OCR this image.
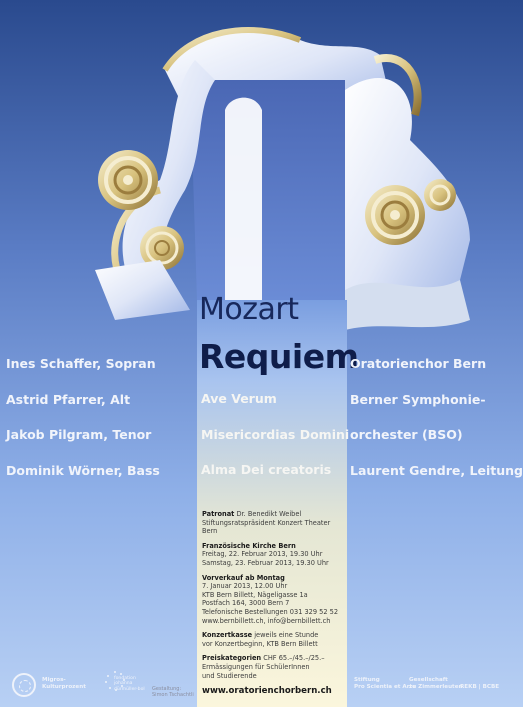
Mozart
Requiem
Ines Schaffer, Sopran
Astrid Pfarrer, Alt
Jakob Pilgram, Tenor
Dominik Wörner, Bass
Ave Verum
Misericordias Domini
Alma Dei creatoris
Oratorienchor Bern
Berner Symphonie-
orchester (BSO)
Laurent Gendre, Leitung
Patronat Dr. Benedikt Weibel
Stiftungsratspräsident Konzert Theater Bern
Französische Kirche Bern
Freitag, 22. Februar 2013, 19.30 Uhr
Samstag, 23. Februar 2013, 19.30 Uhr
Vorverkauf ab Montag
7. Januar 2013, 12.00 Uhr
KTB Bern Billett, Nägeligasse 1a
Postfach 164, 3000 Bern 7
Telefonische Bestellungen 031 329 52 52
www.bernbillett.ch, info@bernbillett.ch
Konzertkasse jeweils eine Stunde
vor Konzertbeginn, KTB Bern Billett
Preiskategorien CHF 65.–/45.–/25.–
Ermässigungen für SchülerInnen
und Studierende
www.oratorienchorbern.ch
Gestaltung:
Simon Tschachtli
Migros-
Kulturprozent
fondation
johanna
dürmüller-bol
Stiftung
Pro Scientia et Arte
Gesellschaft
zu Zimmerleuten
REKB | BCBE
